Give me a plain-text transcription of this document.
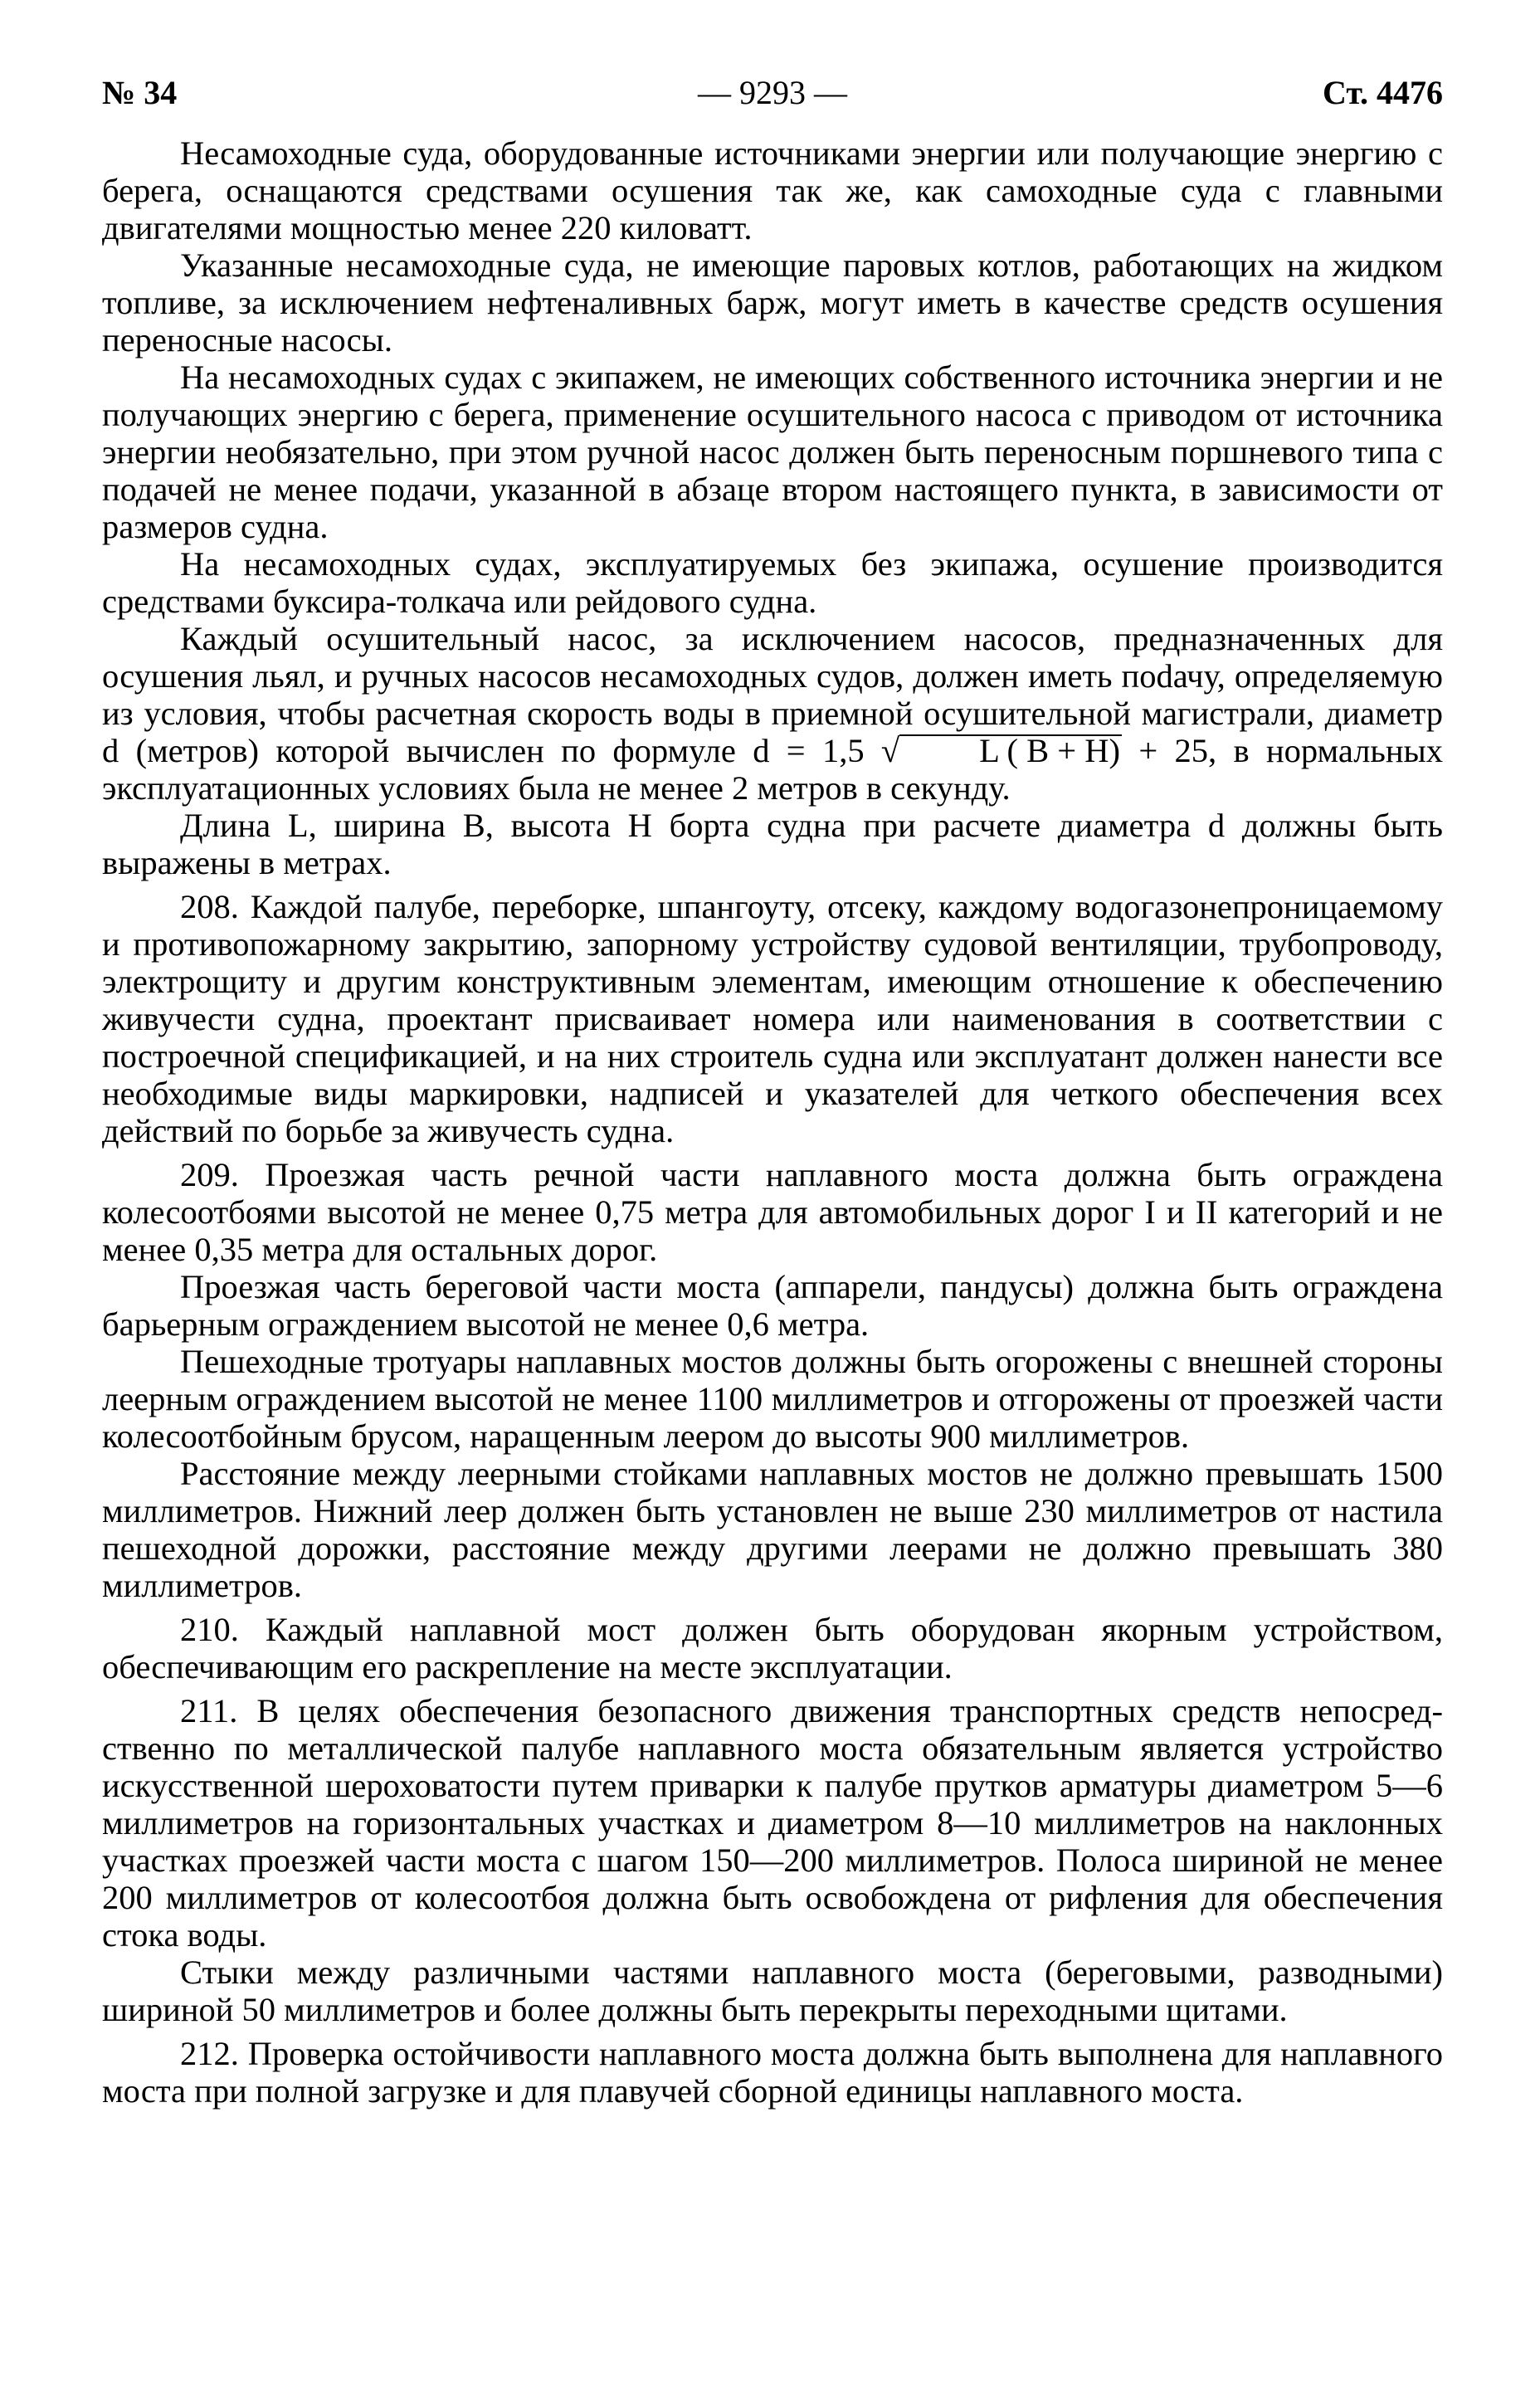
№ 34	— 9293 —	Ст. 4476

Несамоходные суда, оборудованные источниками энергии или получающие энергию с берега, оснащаются средствами осушения так же, как самоходные суда с главными двигателями мощностью менее 220 киловатт.

Указанные несамоходные суда, не имеющие паровых котлов, работающих на жидком топливе, за исключением нефтеналивных барж, могут иметь в качестве средств осушения переносные насосы.

На несамоходных судах с экипажем, не имеющих собственного источника энергии и не получающих энергию с берега, применение осушительного насоса с приводом от источника энергии необязательно, при этом ручной насос должен быть переносным поршневого типа с подачей не менее подачи, указанной в абзаце втором настоящего пункта, в зависимости от размеров судна.

На несамоходных судах, эксплуатируемых без экипажа, осушение производится средствами буксира-толкача или рейдового судна.

Каждый осушительный насос, за исключением насосов, предназначенных для осушения льял, и ручных насосов несамоходных судов, должен иметь поdачу, определяемую из условия, чтобы расчетная скорость воды в приемной осушительной магистрали, диаметр d (метров) которой вычислен по формуле d = 1,5 √ L ( B + H) + 25, в нормальных эксплуатационных условиях была не менее 2 метров в секунду.

Длина L, ширина B, высота H борта судна при расчете диаметра d должны быть выражены в метрах.

208. Каждой палубе, переборке, шпангоуту, отсеку, каждому водогазонепроницаемому и противопожарному закрытию, запорному устройству судовой вентиляции, трубопроводу, электрощиту и другим конструктивным элементам, имеющим отношение к обеспечению живучести судна, проектант присваивает номера или наименования в соответствии с построечной спецификацией, и на них строитель судна или эксплуатант должен нанести все необходимые виды маркировки, надписей и указателей для четкого обеспечения всех действий по борьбе за живучесть судна.

209. Проезжая часть речной части наплавного моста должна быть ограждена колесоотбоями высотой не менее 0,75 метра для автомобильных дорог I и II категорий и не менее 0,35 метра для остальных дорог.

Проезжая часть береговой части моста (аппарели, пандусы) должна быть ограждена барьерным ограждением высотой не менее 0,6 метра.

Пешеходные тротуары наплавных мостов должны быть огорожены с внешней стороны леерным ограждением высотой не менее 1100 миллиметров и отгорожены от проезжей части колесоотбойным брусом, наращенным леером до высоты 900 миллиметров.

Расстояние между леерными стойками наплавных мостов не должно превышать 1500 миллиметров. Нижний леер должен быть установлен не выше 230 миллиметров от настила пешеходной дорожки, расстояние между другими леерами не должно превышать 380 миллиметров.

210. Каждый наплавной мост должен быть оборудован якорным устройством, обеспечивающим его раскрепление на месте эксплуатации.

211. В целях обеспечения безопасного движения транспортных средств непосредственно по металлической палубе наплавного моста обязательным является устройство искусственной шероховатости путем приварки к палубе прутков арматуры диаметром 5—6 миллиметров на горизонтальных участках и диаметром 8—10 миллиметров на наклонных участках проезжей части моста с шагом 150—200 миллиметров. Полоса шириной не менее 200 миллиметров от колесоотбоя должна быть освобождена от рифления для обеспечения стока воды.

Стыки между различными частями наплавного моста (береговыми, разводными) шириной 50 миллиметров и более должны быть перекрыты переходными щитами.

212. Проверка остойчивости наплавного моста должна быть выполнена для наплавного моста при полной загрузке и для плавучей сборной единицы наплавного моста.
